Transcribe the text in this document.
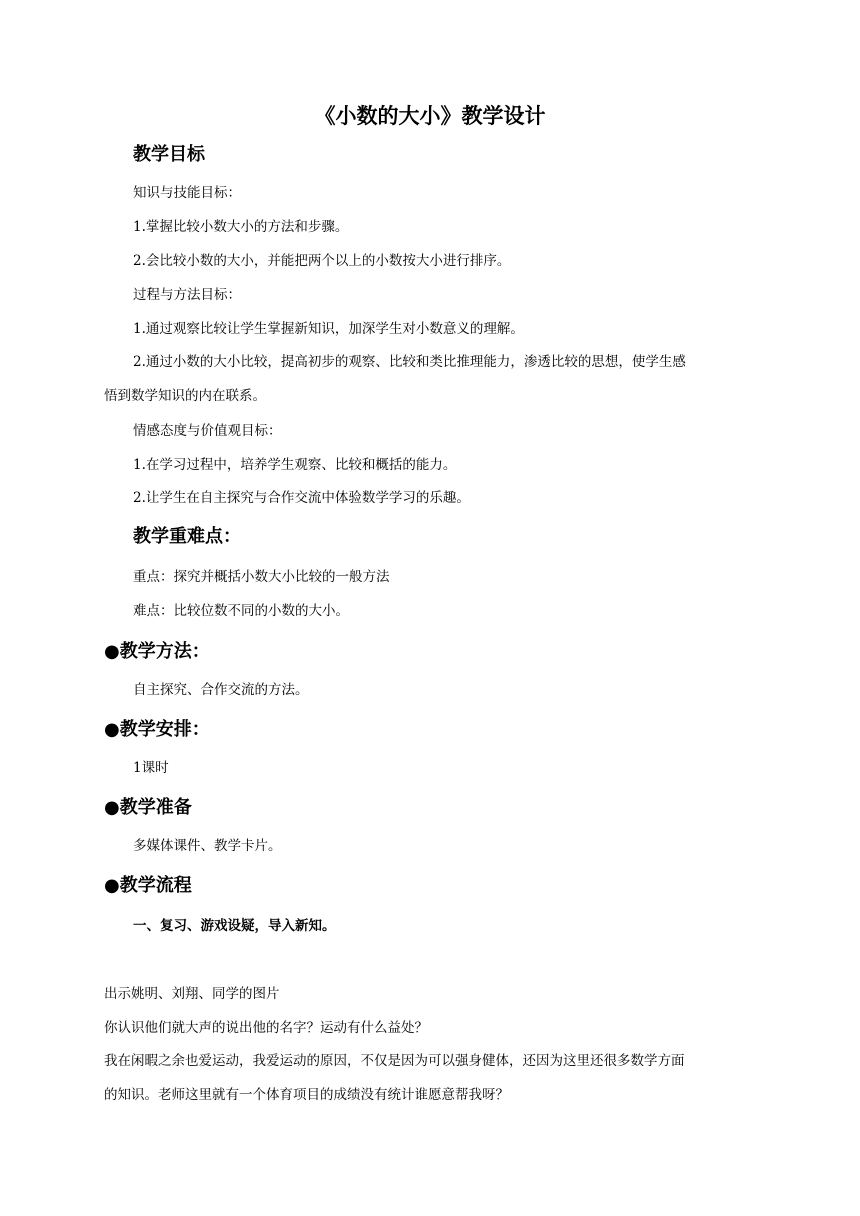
《小数的大小》教学设计
教学目标
知识与技能目标：
1.掌握比较小数大小的方法和步骤。
2.会比较小数的大小，并能把两个以上的小数按大小进行排序。
过程与方法目标：
1.通过观察比较让学生掌握新知识，加深学生对小数意义的理解。
2.通过小数的大小比较，提高初步的观察、比较和类比推理能力，渗透比较的思想，使学生感
悟到数学知识的内在联系。
情感态度与价值观目标：
1.在学习过程中，培养学生观察、比较和概括的能力。
2.让学生在自主探究与合作交流中体验数学学习的乐趣。
教学重难点：
重点：探究并概括小数大小比较的一般方法
难点：比较位数不同的小数的大小。
●教学方法：
自主探究、合作交流的方法。
●教学安排：
1课时
●教学准备
多媒体课件、教学卡片。
●教学流程
一、复习、游戏设疑，导入新知。
出示姚明、刘翔、同学的图片
你认识他们就大声的说出他的名字？运动有什么益处？
我在闲暇之余也爱运动，我爱运动的原因，不仅是因为可以强身健体，还因为这里还很多数学方面
的知识。老师这里就有一个体育项目的成绩没有统计谁愿意帮我呀？
